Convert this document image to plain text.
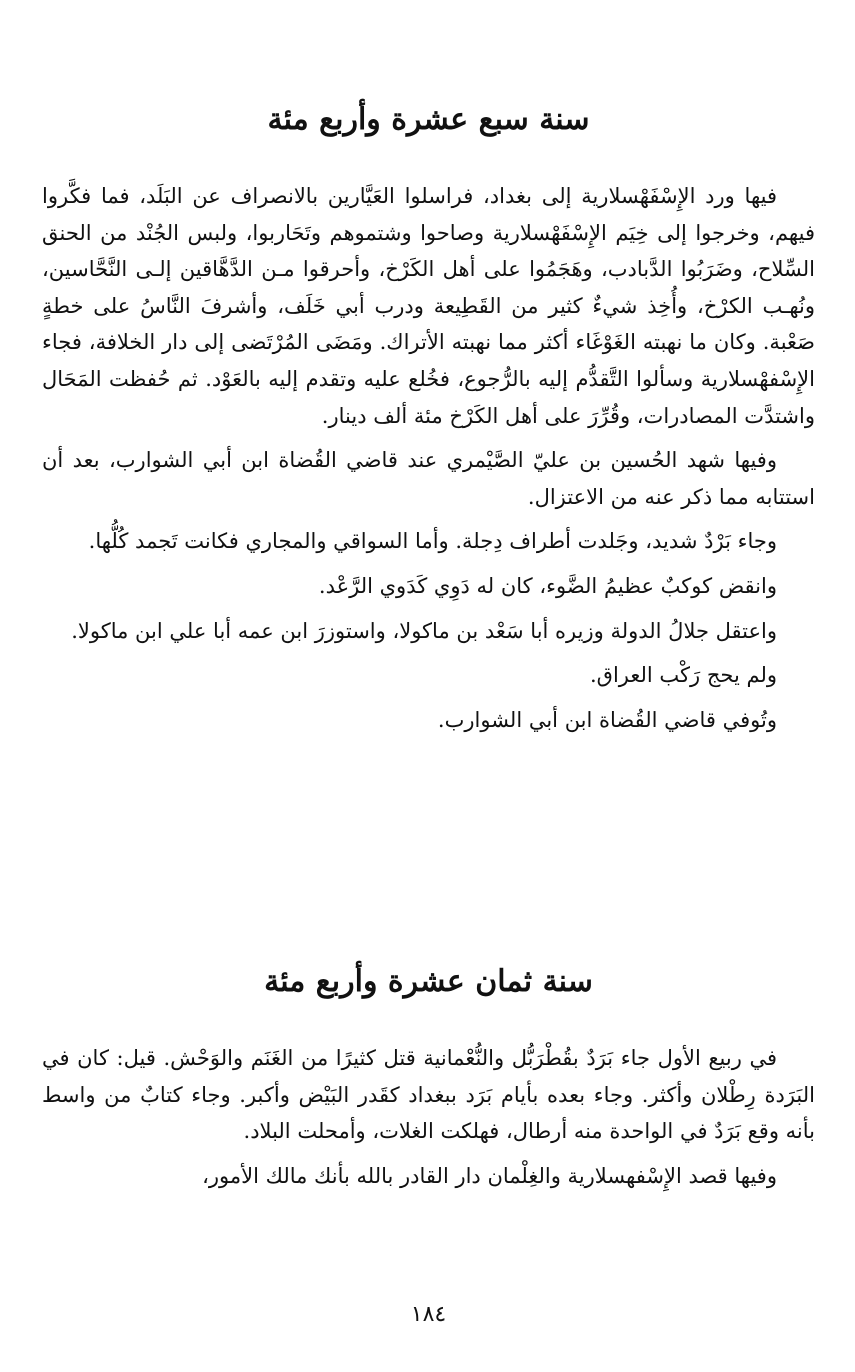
سنة سبع عشرة وأربع مئة

فيها ورد الإِسْفَهْسلارية إلى بغداد، فراسلوا العَيَّارين بالانصراف عن البَلَد، فما فكَّروا فيهم، وخرجوا إلى خِيَم الإِسْفَهْسلارية وصاحوا وشتموهم وتَحَاربوا، ولبس الجُنْد من الحنق السِّلاح، وضَرَبُوا الدَّبادب، وهَجَمُوا على أهل الكَرْخ، وأحرقوا مـن الدَّهَّاقين إلـى النَّحَّاسين، ونُهـب الكرْخ، وأُخِذ شيءٌ كثير من القَطِيعة ودرب أبي خَلَف، وأشرفَ النَّاسُ على خطةٍ صَعْبة. وكان ما نهبته الغَوْغَاء أكثر مما نهبته الأتراك. ومَضَى المُرْتَضى إلى دار الخلافة، فجاء الإِسْفهْسلارية وسألوا التَّقدُّم إليه بالرُّجوع، فخُلع عليه وتقدم إليه بالعَوْد. ثم حُفظت المَحَال واشتدَّت المصادرات، وقُرِّرَ على أهل الكَرْخ مئة ألف دينار.

وفيها شهد الحُسين بن عليّ الصَّيْمري عند قاضي القُضاة ابن أبي الشوارب، بعد أن استتابه مما ذكر عنه من الاعتزال.

وجاء بَرْدٌ شديد، وجَلدت أطراف دِجلة. وأما السواقي والمجاري فكانت تَجمد كُلُّها.

وانقض كوكبٌ عظيمُ الضَّوء، كان له دَوِي كَدَوي الرَّعْد.

واعتقل جلالُ الدولة وزيره أبا سَعْد بن ماكولا، واستوزرَ ابن عمه أبا علي ابن ماكولا.

ولم يحج رَكْب العراق.

وتُوفي قاضي القُضاة ابن أبي الشوارب.

سنة ثمان عشرة وأربع مئة

في ربيع الأول جاء بَرَدٌ بقُطْرَبُّل والنُّعْمانية قتل كثيرًا من الغَنَم والوَحْش. قيل: كان في البَرَدة رِطْلان وأكثر. وجاء بعده بأيام بَرَد ببغداد كقَدر البَيْض وأكبر. وجاء كتابٌ من واسط بأنه وقع بَرَدٌ في الواحدة منه أرطال، فهلكت الغلات، وأمحلت البلاد.

وفيها قصد الإِسْفهسلارية والغِلْمان دار القادر بالله بأنك مالك الأمور،

١٨٤
